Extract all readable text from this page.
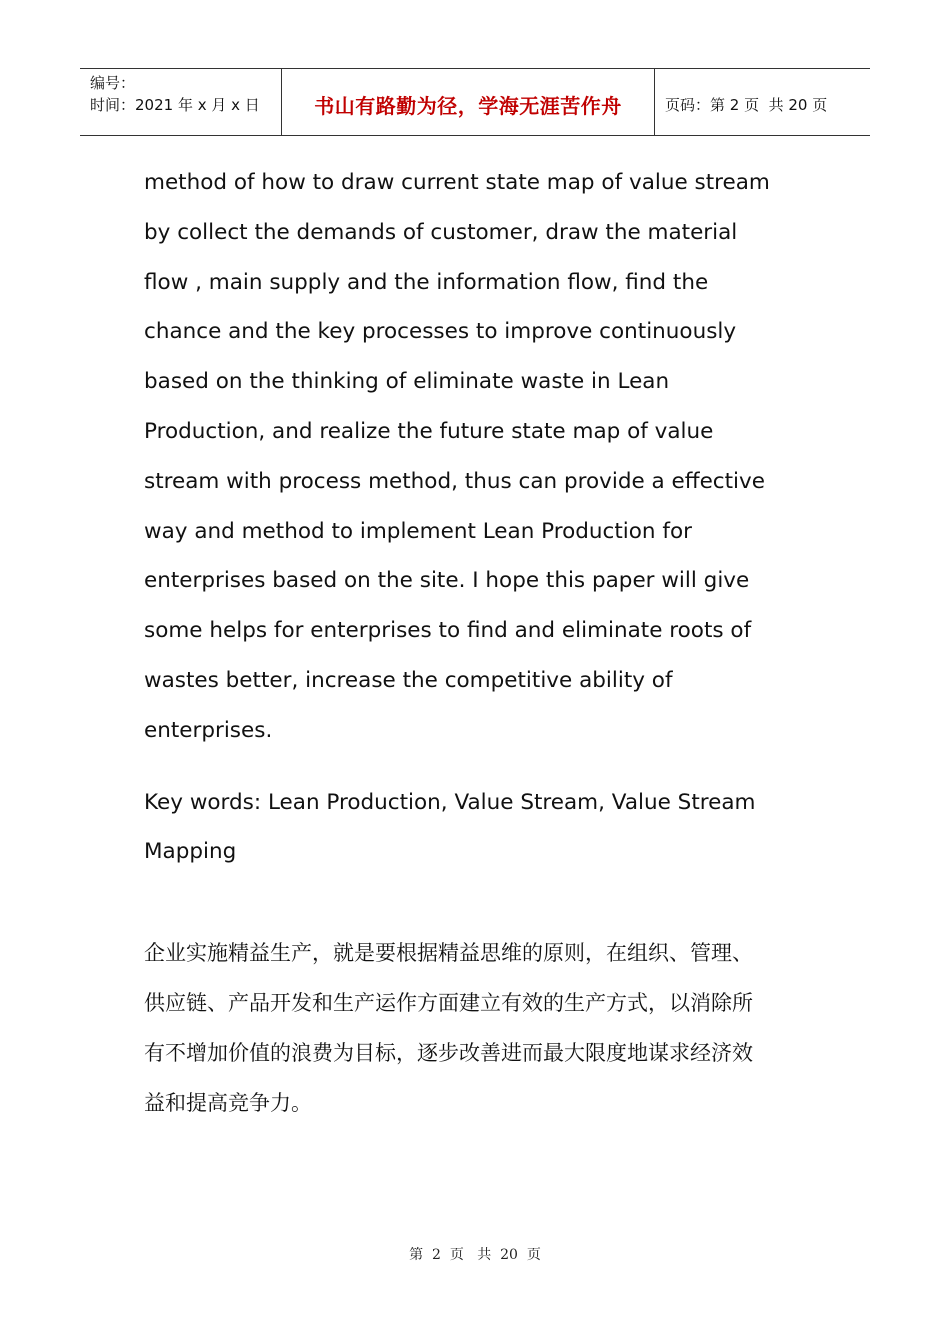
编号：
时间：2021 年 x 月 x 日	书山有路勤为径，学海无涯苦作舟	页码：第 2 页  共 20 页

method of how to draw current state map of value stream
by collect the demands of customer, draw the material
flow , main supply and the information flow, find the
chance and the key processes to improve continuously
based on the thinking of eliminate waste in Lean
Production, and realize the future state map of value
stream with process method, thus can provide a effective
way and method to implement Lean Production for
enterprises based on the site. I hope this paper will give
some helps for enterprises to find and eliminate roots of
wastes better, increase the competitive ability of
enterprises.

Key words: Lean Production, Value Stream, Value Stream
Mapping

企业实施精益生产，就是要根据精益思维的原则，在组织、管理、
供应链、产品开发和生产运作方面建立有效的生产方式，以消除所
有不增加价值的浪费为目标，逐步改善进而最大限度地谋求经济效
益和提高竞争力。
第  2  页   共  20  页
